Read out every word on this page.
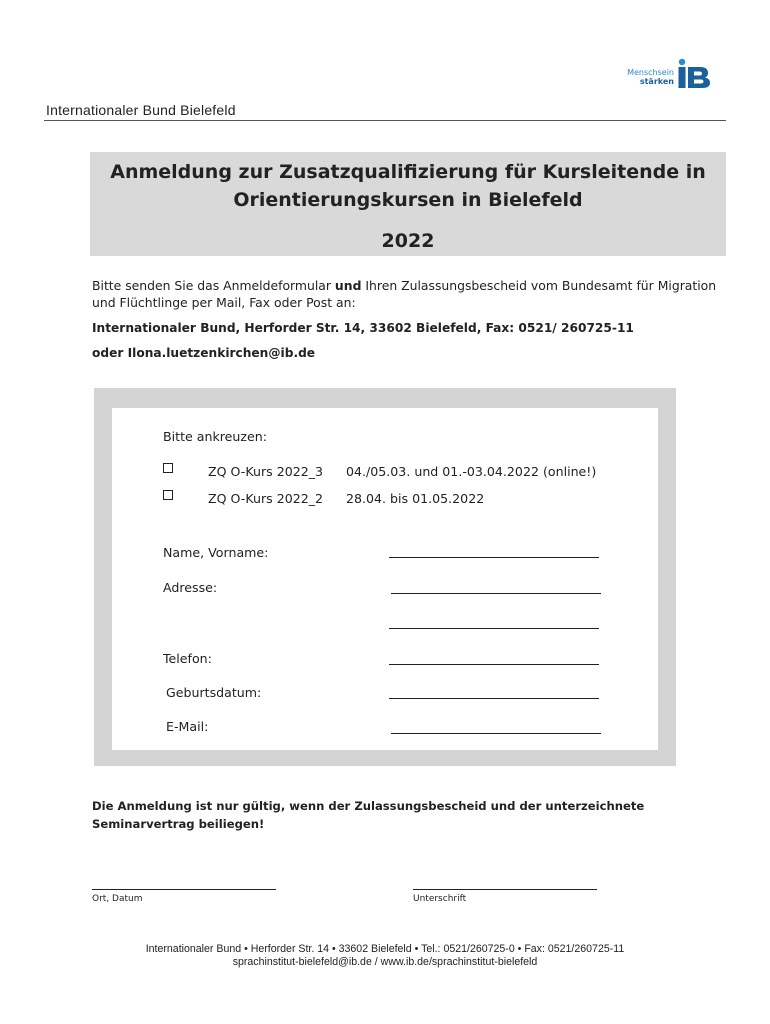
Menschsein
stärken
Internationaler Bund Bielefeld
Anmeldung zur Zusatzqualifizierung für Kursleitende in
Orientierungskursen in Bielefeld
2022
Bitte senden Sie das Anmeldeformular und Ihren Zulassungsbescheid vom Bundesamt für Migration und Flüchtlinge per Mail, Fax oder Post an:
Internationaler Bund, Herforder Str. 14, 33602 Bielefeld, Fax: 0521/ 260725-11
oder Ilona.luetzenkirchen@ib.de
Bitte ankreuzen:
ZQ O-Kurs 2022_3 04./05.03. und 01.-03.04.2022 (online!)
ZQ O-Kurs 2022_2 28.04. bis 01.05.2022
Name, Vorname:
Adresse:
Telefon:
Geburtsdatum:
E-Mail:
Die Anmeldung ist nur gültig, wenn der Zulassungsbescheid und der unterzeichnete Seminarvertrag beiliegen!
Ort, Datum	Unterschrift
Internationaler Bund • Herforder Str. 14 • 33602 Bielefeld • Tel.: 0521/260725-0 • Fax: 0521/260725-11
sprachinstitut-bielefeld@ib.de / www.ib.de/sprachinstitut-bielefeld
